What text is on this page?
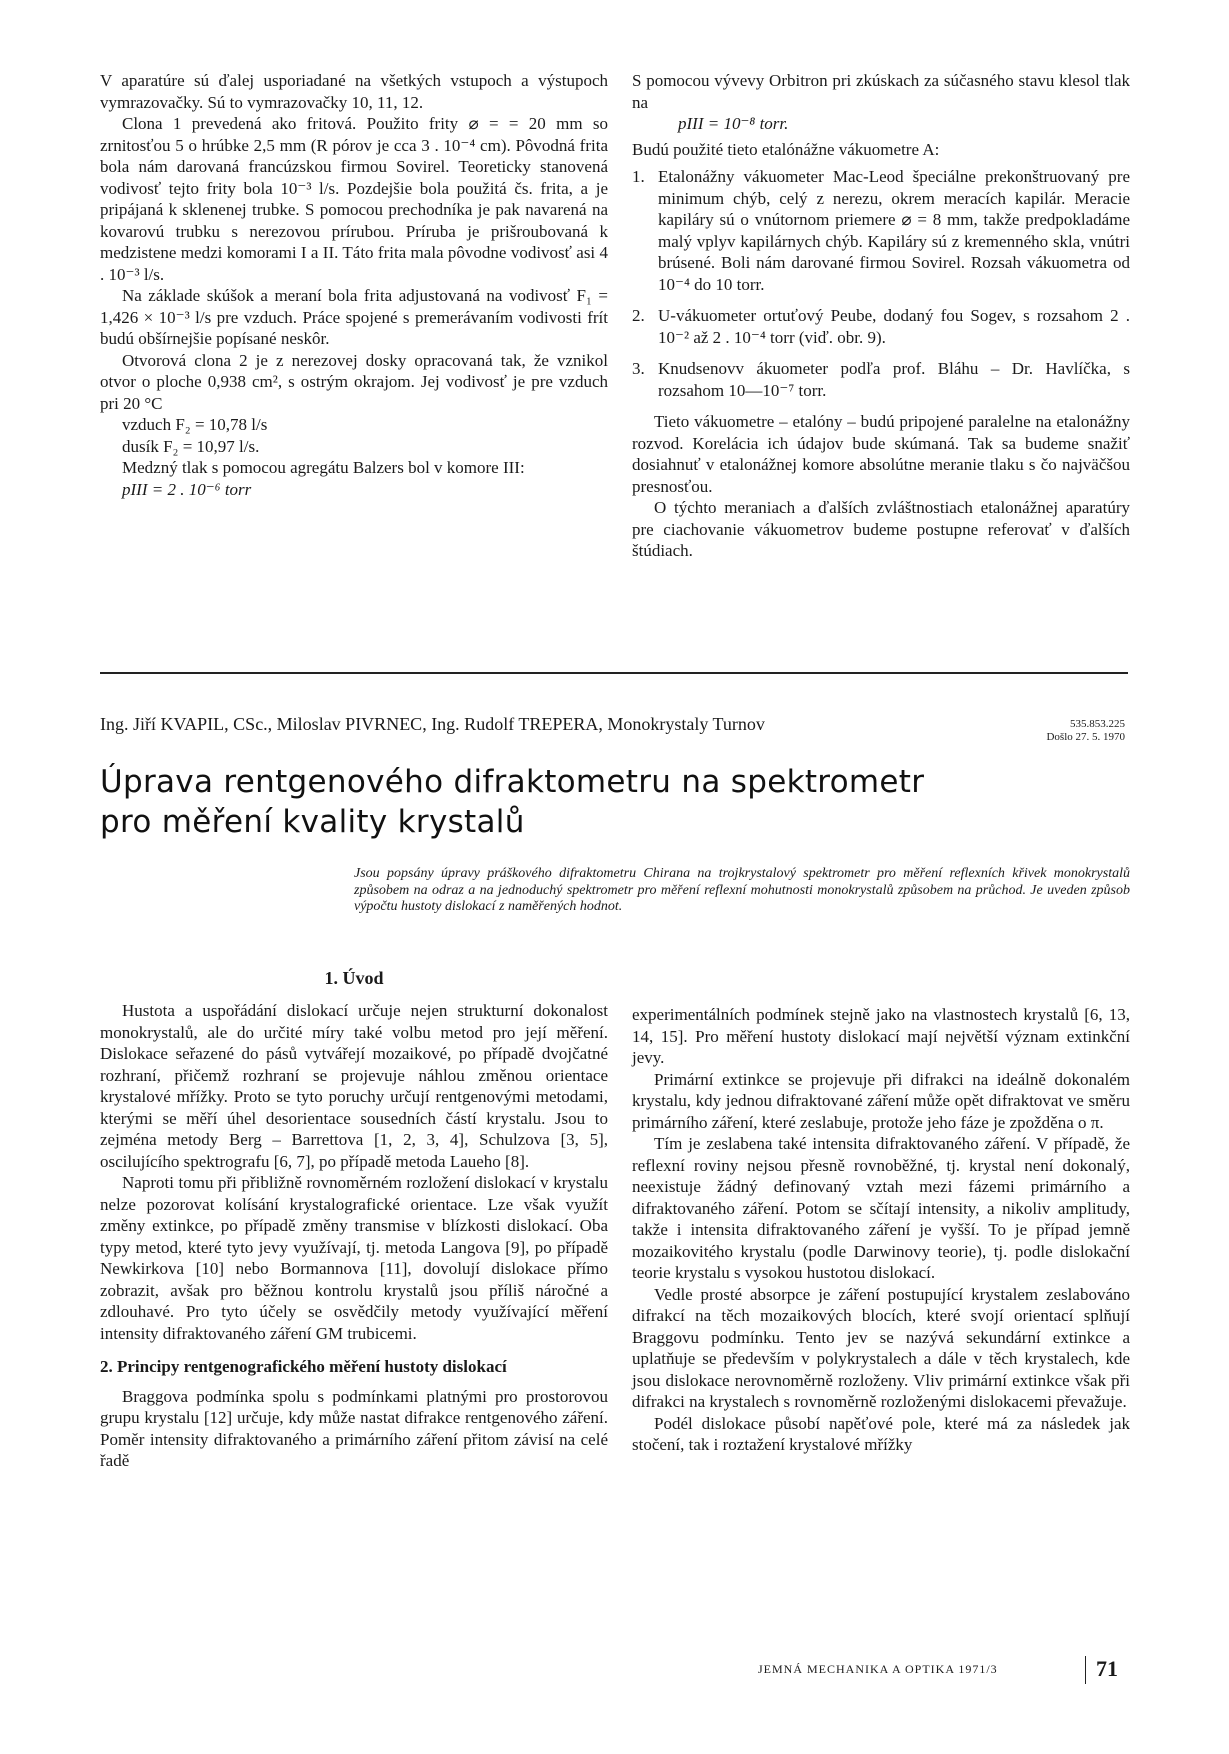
V aparatúre sú ďalej usporiadané na všetkých vstupoch a výstupoch vymrazovačky. Sú to vymrazovačky 10, 11, 12.

Clona 1 prevedená ako fritová. Použito frity ⌀ = = 20 mm so zrnitosťou 5 o hrúbke 2,5 mm (R pórov je cca 3 . 10⁻⁴ cm). Pôvodná frita bola nám darovaná francúzskou firmou Sovirel. Teoreticky stanovená vodivosť tejto frity bola 10⁻³ l/s. Pozdejšie bola použitá čs. frita, a je pripájaná k sklenenej trubke. S pomocou prechodníka je pak navarená na kovarovú trubku s nerezovou prírubou. Príruba je prišroubovaná k medzistene medzi komorami I a II. Táto frita mala pôvodne vodivosť asi 4 . 10⁻³ l/s.

Na základe skúšok a meraní bola frita adjustovaná na vodivosť F₁ = 1,426 × 10⁻³ l/s pre vzduch. Práce spojené s premerávaním vodivosti frít budú obšírnejšie popísané neskôr.

Otvorová clona 2 je z nerezovej dosky opracovaná tak, že vznikol otvor o ploche 0,938 cm², s ostrým okrajom. Jej vodivosť je pre vzduch pri 20 °C

vzduch F₂ = 10,78 l/s

dusík F₂ = 10,97 l/s.

Medzný tlak s pomocou agregátu Balzers bol v komore III:

pIII = 2 . 10⁻⁶ torr

S pomocou vývevy Orbitron pri zkúskach za súčasného stavu klesol tlak na

pIII = 10⁻⁸ torr.

Budú použité tieto etalónážne vákuometre A:

1. Etalonážny vákuometer Mac-Leod špeciálne prekonštruovaný pre minimum chýb, celý z nerezu, okrem meracích kapilár. Meracie kapiláry sú o vnútornom priemere ⌀ = 8 mm, takže predpokladáme malý vplyv kapilárnych chýb. Kapiláry sú z kremenného skla, vnútri brúsené. Boli nám darované firmou Sovirel. Rozsah vákuometra od 10⁻⁴ do 10 torr.
2. U-vákuometer ortuťový Peube, dodaný fou Sogev, s rozsahom 2 . 10⁻² až 2 . 10⁻⁴ torr (viď. obr. 9).
3. Knudsenovv ákuometer podľa prof. Bláhu – Dr. Havlíčka, s rozsahom 10—10⁻⁷ torr.

Tieto vákuometre – etalóny – budú pripojené paralelne na etalonážny rozvod. Korelácia ich údajov bude skúmaná. Tak sa budeme snažiť dosiahnuť v etalonážnej komore absolútne meranie tlaku s čo najväčšou presnosťou.

O týchto meraniach a ďalších zvláštnostiach etalonážnej aparatúry pre ciachovanie vákuometrov budeme postupne referovať v ďalších štúdiach.

Ing. Jiří KVAPIL, CSc., Miloslav PIVRNEC, Ing. Rudolf TREPERA, Monokrystaly Turnov	535.853.225
Došlo 27. 5. 1970
Úprava rentgenového difraktometru na spektrometr
pro měření kvality krystalů
Jsou popsány úpravy práškového difraktometru Chirana na trojkrystalový spektrometr pro měření reflexních křivek monokrystalů způsobem na odraz a na jednoduchý spektrometr pro měření reflexní mohutnosti monokrystalů způsobem na průchod. Je uveden způsob výpočtu hustoty dislokací z naměřených hodnot.
1. Úvod

Hustota a uspořádání dislokací určuje nejen strukturní dokonalost monokrystalů, ale do určité míry také volbu metod pro její měření. Dislokace seřazené do pásů vytvářejí mozaikové, po případě dvojčatné rozhraní, přičemž rozhraní se projevuje náhlou změnou orientace krystalové mřížky. Proto se tyto poruchy určují rentgenovými metodami, kterými se měří úhel desorientace sousedních částí krystalu. Jsou to zejména metody Berg – Barrettova [1, 2, 3, 4], Schulzova [3, 5], oscilujícího spektrografu [6, 7], po případě metoda Laueho [8].

Naproti tomu při přibližně rovnoměrném rozložení dislokací v krystalu nelze pozorovat kolísání krystalografické orientace. Lze však využít změny extinkce, po případě změny transmise v blízkosti dislokací. Oba typy metod, které tyto jevy využívají, tj. metoda Langova [9], po případě Newkirkova [10] nebo Bormannova [11], dovolují dislokace přímo zobrazit, avšak pro běžnou kontrolu krystalů jsou příliš náročné a zdlouhavé. Pro tyto účely se osvědčily metody využívající měření intensity difraktovaného záření GM trubicemi.

2. Principy rentgenografického měření hustoty dislokací

Braggova podmínka spolu s podmínkami platnými pro prostorovou grupu krystalu [12] určuje, kdy může nastat difrakce rentgenového záření. Poměr intensity difraktovaného a primárního záření přitom závisí na celé řadě

experimentálních podmínek stejně jako na vlastnostech krystalů [6, 13, 14, 15]. Pro měření hustoty dislokací mají největší význam extinkční jevy.

Primární extinkce se projevuje při difrakci na ideálně dokonalém krystalu, kdy jednou difraktované záření může opět difraktovat ve směru primárního záření, které zeslabuje, protože jeho fáze je zpožděna o π.

Tím je zeslabena také intensita difraktovaného záření. V případě, že reflexní roviny nejsou přesně rovnoběžné, tj. krystal není dokonalý, neexistuje žádný definovaný vztah mezi fázemi primárního a difraktovaného záření. Potom se sčítají intensity, a nikoliv amplitudy, takže i intensita difraktovaného záření je vyšší. To je případ jemně mozaikovitého krystalu (podle Darwinovy teorie), tj. podle dislokační teorie krystalu s vysokou hustotou dislokací.

Vedle prosté absorpce je záření postupující krystalem zeslabováno difrakcí na těch mozaikových blocích, které svojí orientací splňují Braggovu podmínku. Tento jev se nazývá sekundární extinkce a uplatňuje se především v polykrystalech a dále v těch krystalech, kde jsou dislokace nerovnoměrně rozloženy. Vliv primární extinkce však při difrakci na krystalech s rovnoměrně rozloženými dislokacemi převažuje.

Podél dislokace působí napěťové pole, které má za následek jak stočení, tak i roztažení krystalové mřížky

JEMNÁ MECHANIKA A OPTIKA 1971/3	71
